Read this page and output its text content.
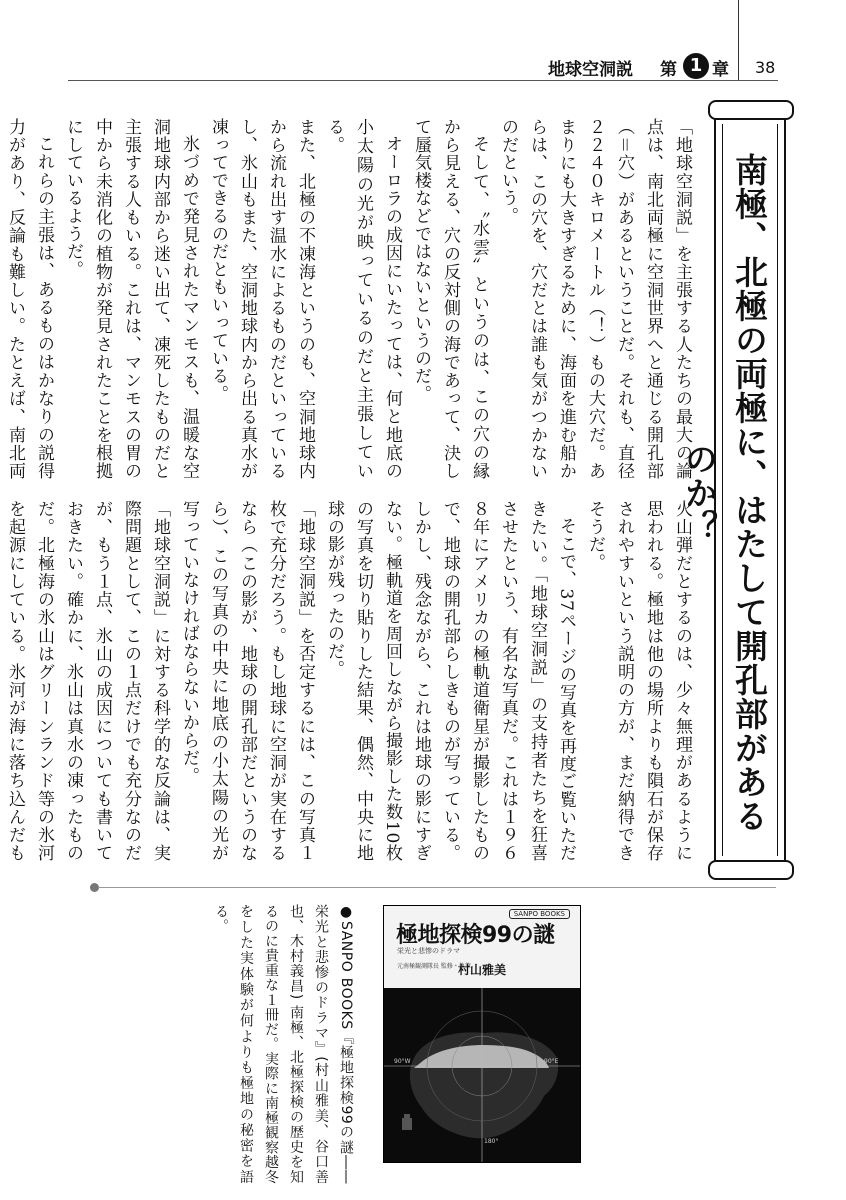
地球空洞説	第 1 章 38
南極、北極の両極に、はたして開孔部があるのか？

「地球空洞説」を主張する人たちの最大の論点は、南北両極に空洞世界へと通じる開孔部（＝穴）があるということだ。それも、直径２２４０キロメートル（！）もの大穴だ。あまりにも大きすぎるために、海面を進む船からは、この穴を、穴だとは誰も気がつかないのだという。

そして、〝水雲〟というのは、この穴の縁から見える、穴の反対側の海であって、決して蜃気楼などではないというのだ。

オーロラの成因にいたっては、何と地底の小太陽の光が映っているのだと主張している。

また、北極の不凍海というのも、空洞地球内から流れ出す温水によるものだといっているし、氷山もまた、空洞地球内から出る真水が凍ってできるのだともいっている。

氷づめで発見されたマンモスも、温暖な空洞地球内部から迷い出て、凍死したものだと主張する人もいる。これは、マンモスの胃の中から未消化の植物が発見されたことを根拠にしているようだ。

これらの主張は、あるものはかなりの説得力があり、反論も難しい。たとえば、南北両

火山弾だとするのは、少々無理があるように思われる。極地は他の場所よりも隕石が保存されやすいという説明の方が、まだ納得できそうだ。

そこで、37ページの写真を再度ご覧いただきたい。「地球空洞説」の支持者たちを狂喜させたという、有名な写真だ。これは１９６８年にアメリカの極軌道衛星が撮影したもので、地球の開孔部らしきものが写っている。しかし、残念ながら、これは地球の影にすぎない。極軌道を周回しながら撮影した数10枚の写真を切り貼りした結果、偶然、中央に地球の影が残ったのだ。

「地球空洞説」を否定するには、この写真１枚で充分だろう。もし地球に空洞が実在するなら（この影が、地球の開孔部だというのなら）、この写真の中央に地底の小太陽の光が写っていなければならないからだ。

「地球空洞説」に対する科学的な反論は、実際問題として、この１点だけでも充分なのだが、もう１点、氷山の成因についても書いておきたい。確かに、氷山は真水の凍ったものだ。北極海の氷山はグリーンランド等の氷河を起源にしている。氷河が海に落ち込んだも

●SANPO BOOKS『極地探検99の謎――栄光と悲惨のドラマ』(村山雅美、谷口善也、木村義昌) 南極、北極探検の歴史を知るのに貴重な１冊だ。実際に南極観察越冬をした実体験が何よりも極地の秘密を語る。	SANPO BOOKS
極地探検99の謎
栄光と悲惨のドラマ
元南極観測隊長 監修・執筆
村山雅美
90°W	90°E
180°
